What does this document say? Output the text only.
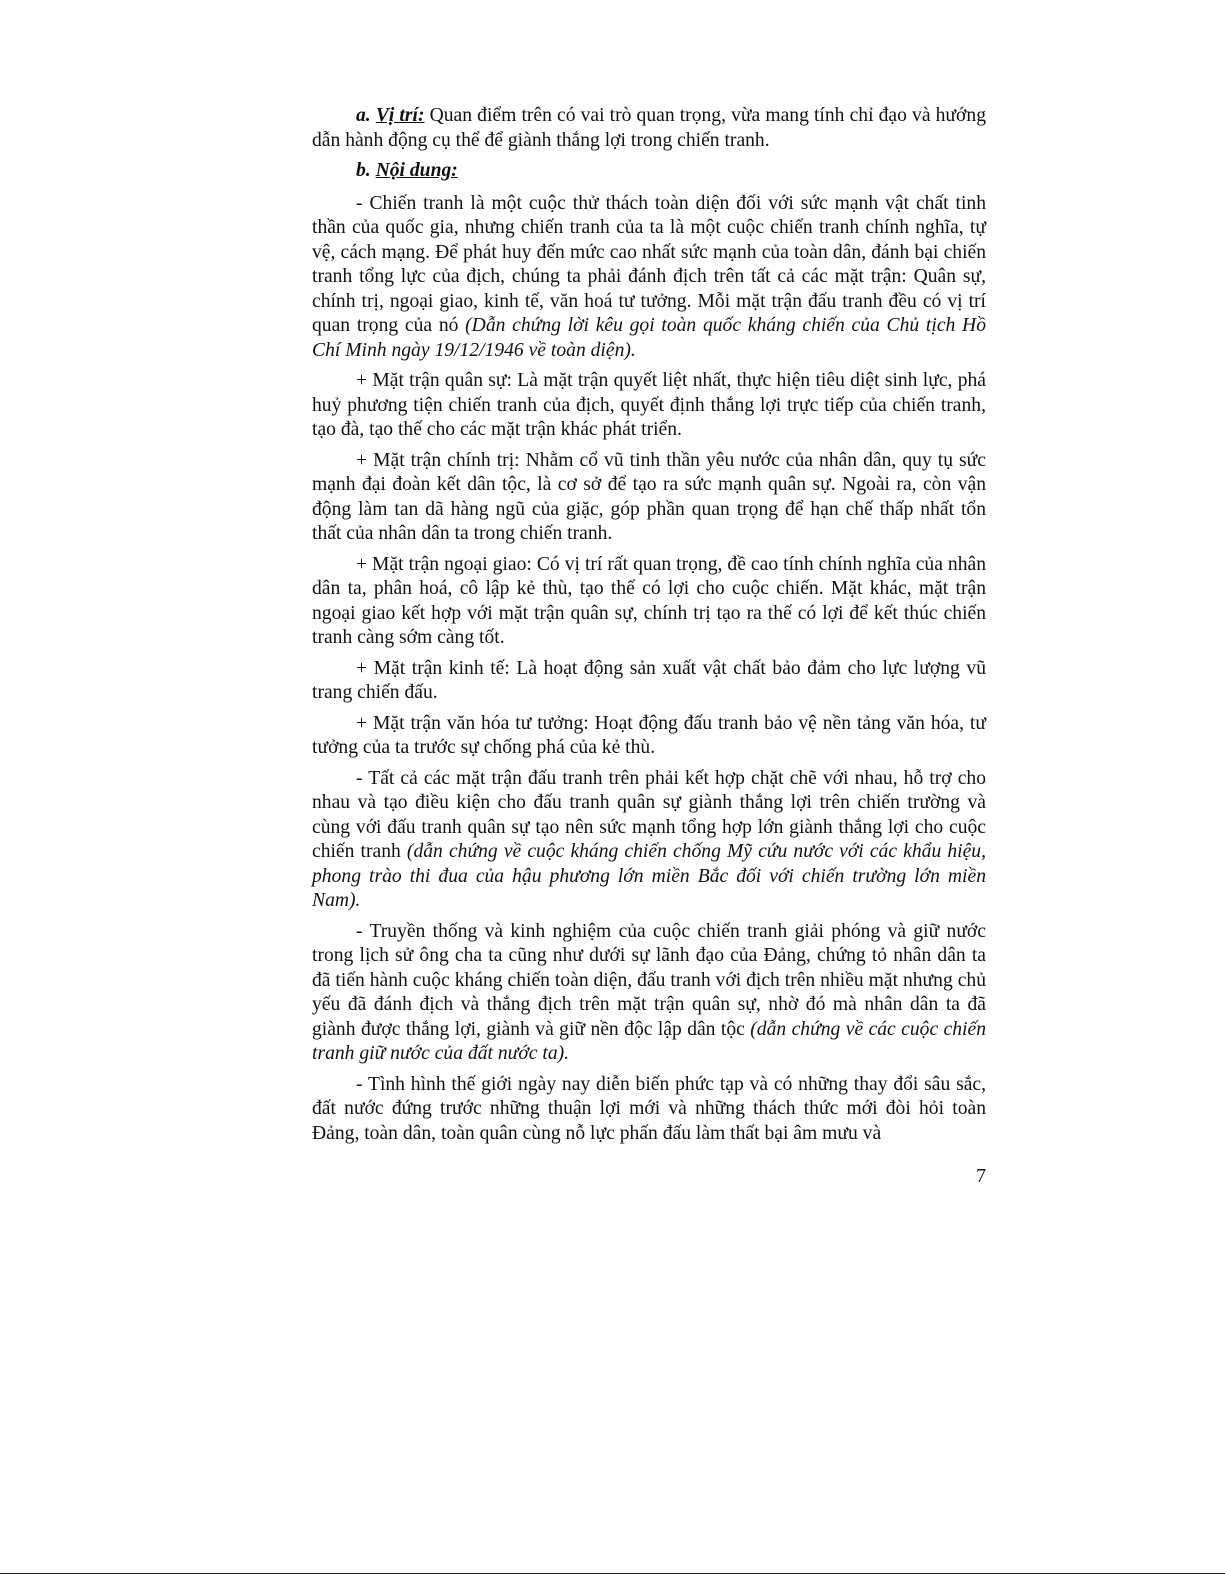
a. Vị trí: Quan điểm trên có vai trò quan trọng, vừa mang tính chỉ đạo và hướng dẫn hành động cụ thể để giành thắng lợi trong chiến tranh.

b. Nội dung:

- Chiến tranh là một cuộc thử thách toàn diện đối với sức mạnh vật chất tinh thần của quốc gia, nhưng chiến tranh của ta là một cuộc chiến tranh chính nghĩa, tự vệ, cách mạng. Để phát huy đến mức cao nhất sức mạnh của toàn dân, đánh bại chiến tranh tổng lực của địch, chúng ta phải đánh địch trên tất cả các mặt trận: Quân sự, chính trị, ngoại giao, kinh tế, văn hoá tư tưởng. Mỗi mặt trận đấu tranh đều có vị trí quan trọng của nó (Dẫn chứng lời kêu gọi toàn quốc kháng chiến của Chủ tịch Hồ Chí Minh ngày 19/12/1946 về toàn diện).

+ Mặt trận quân sự: Là mặt trận quyết liệt nhất, thực hiện tiêu diệt sinh lực, phá huỷ phương tiện chiến tranh của địch, quyết định thắng lợi trực tiếp của chiến tranh, tạo đà, tạo thế cho các mặt trận khác phát triển.

+ Mặt trận chính trị: Nhằm cổ vũ tinh thần yêu nước của nhân dân, quy tụ sức mạnh đại đoàn kết dân tộc, là cơ sở để tạo ra sức mạnh quân sự. Ngoài ra, còn vận động làm tan dã hàng ngũ của giặc, góp phần quan trọng để hạn chế thấp nhất tổn thất của nhân dân ta trong chiến tranh.

+ Mặt trận ngoại giao: Có vị trí rất quan trọng, đề cao tính chính nghĩa của nhân dân ta, phân hoá, cô lập kẻ thù, tạo thế có lợi cho cuộc chiến. Mặt khác, mặt trận ngoại giao kết hợp với mặt trận quân sự, chính trị tạo ra thế có lợi để kết thúc chiến tranh càng sớm càng tốt.

+ Mặt trận kinh tế: Là hoạt động sản xuất vật chất bảo đảm cho lực lượng vũ trang chiến đấu.

+ Mặt trận văn hóa tư tưởng: Hoạt động đấu tranh bảo vệ nền tảng văn hóa, tư tưởng của ta trước sự chống phá của kẻ thù.

- Tất cả các mặt trận đấu tranh trên phải kết hợp chặt chẽ với nhau, hỗ trợ cho nhau và tạo điều kiện cho đấu tranh quân sự giành thắng lợi trên chiến trường và cùng với đấu tranh quân sự tạo nên sức mạnh tổng hợp lớn giành thắng lợi cho cuộc chiến tranh (dẫn chứng về cuộc kháng chiến chống Mỹ cứu nước với các khẩu hiệu, phong trào thi đua của hậu phương lớn miền Bắc đối với chiến trường lớn miền Nam).

- Truyền thống và kinh nghiệm của cuộc chiến tranh giải phóng và giữ nước trong lịch sử ông cha ta cũng như dưới sự lãnh đạo của Đảng, chứng tỏ nhân dân ta đã tiến hành cuộc kháng chiến toàn diện, đấu tranh với địch trên nhiều mặt nhưng chủ yếu đã đánh địch và thắng địch trên mặt trận quân sự, nhờ đó mà nhân dân ta đã giành được thắng lợi, giành và giữ nền độc lập dân tộc (dẫn chứng về các cuộc chiến tranh giữ nước của đất nước ta).

- Tình hình thế giới ngày nay diễn biến phức tạp và có những thay đổi sâu sắc, đất nước đứng trước những thuận lợi mới và những thách thức mới đòi hỏi toàn Đảng, toàn dân, toàn quân cùng nỗ lực phấn đấu làm thất bại âm mưu và

7
